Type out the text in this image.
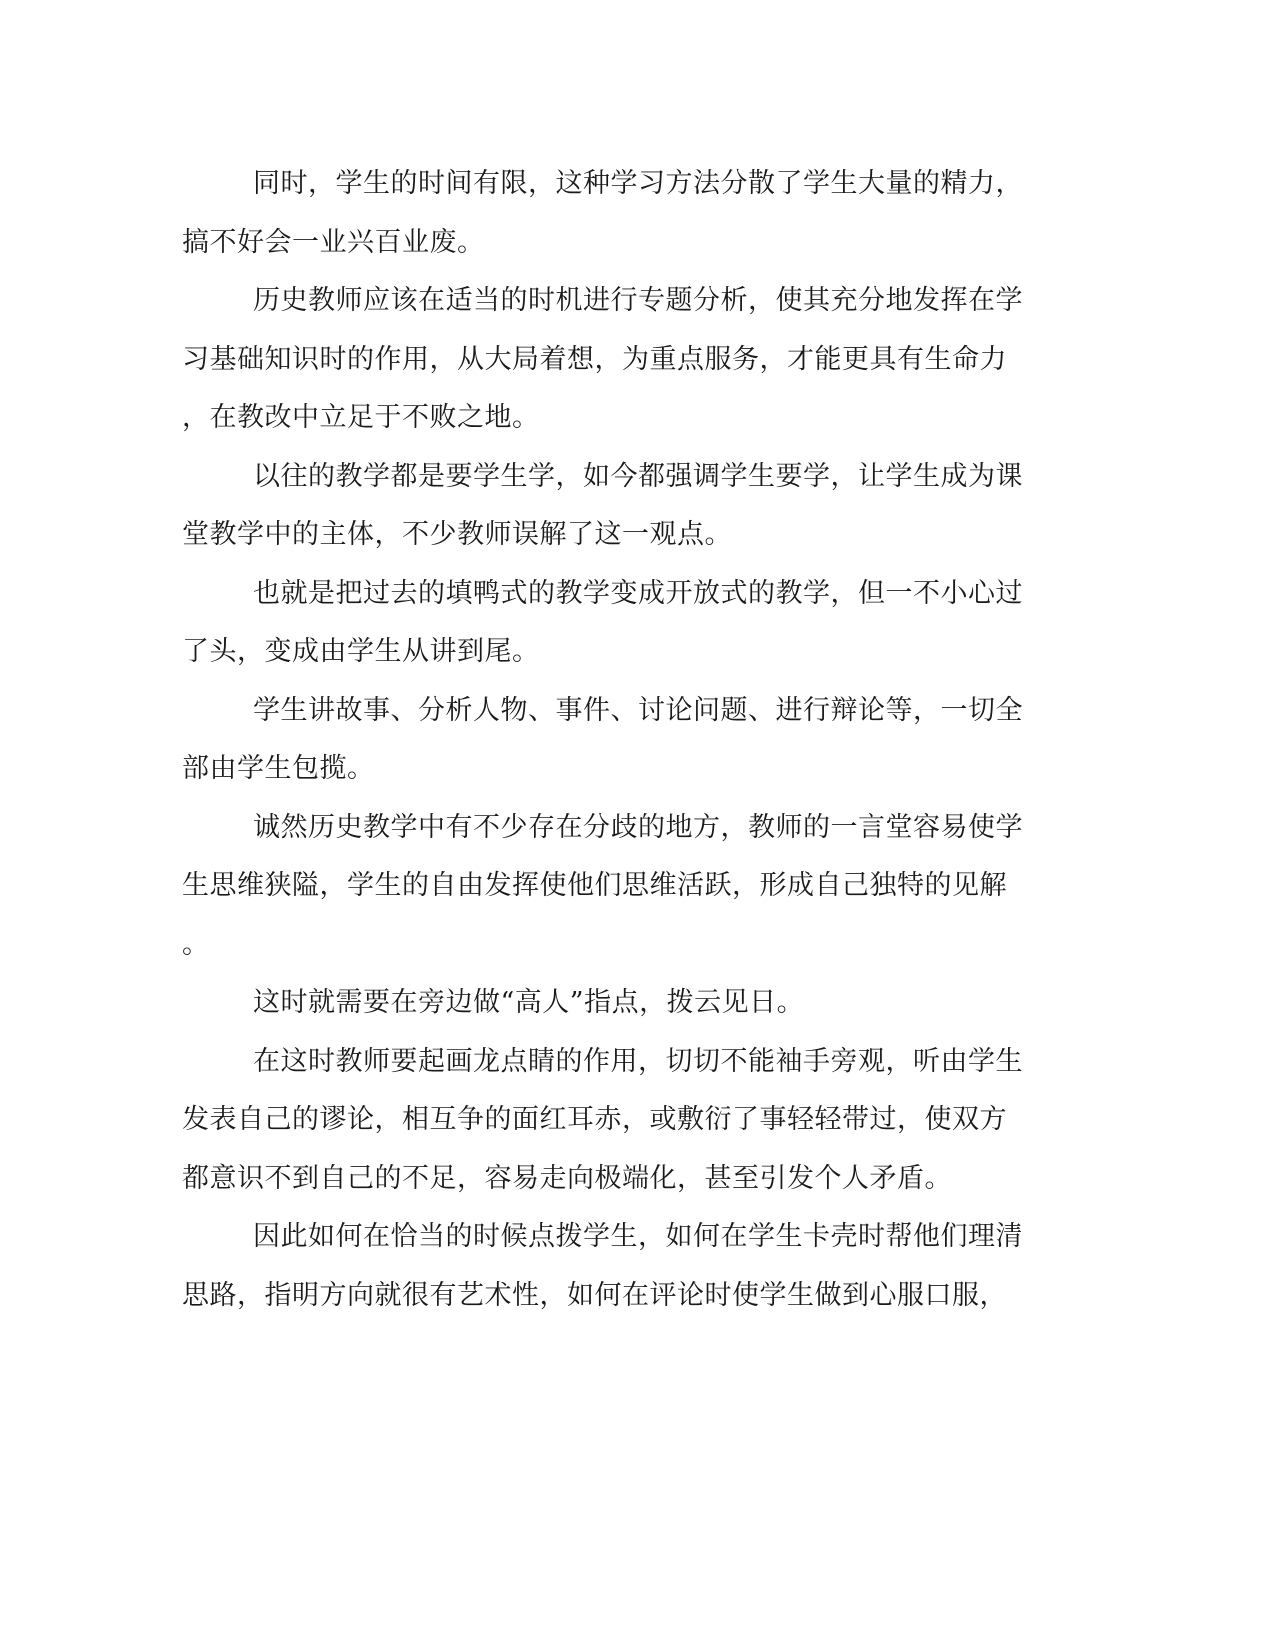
同时，学生的时间有限，这种学习方法分散了学生大量的精力，
搞不好会一业兴百业废。
历史教师应该在适当的时机进行专题分析，使其充分地发挥在学
习基础知识时的作用，从大局着想，为重点服务，才能更具有生命力
，在教改中立足于不败之地。
以往的教学都是要学生学，如今都强调学生要学，让学生成为课
堂教学中的主体，不少教师误解了这一观点。
也就是把过去的填鸭式的教学变成开放式的教学，但一不小心过
了头，变成由学生从讲到尾。
学生讲故事、分析人物、事件、讨论问题、进行辩论等，一切全
部由学生包揽。
诚然历史教学中有不少存在分歧的地方，教师的一言堂容易使学
生思维狭隘，学生的自由发挥使他们思维活跃，形成自己独特的见解
。
这时就需要在旁边做“高人”指点，拨云见日。
在这时教师要起画龙点睛的作用，切切不能袖手旁观，听由学生
发表自己的谬论，相互争的面红耳赤，或敷衍了事轻轻带过，使双方
都意识不到自己的不足，容易走向极端化，甚至引发个人矛盾。
因此如何在恰当的时候点拨学生，如何在学生卡壳时帮他们理清
思路，指明方向就很有艺术性，如何在评论时使学生做到心服口服，
